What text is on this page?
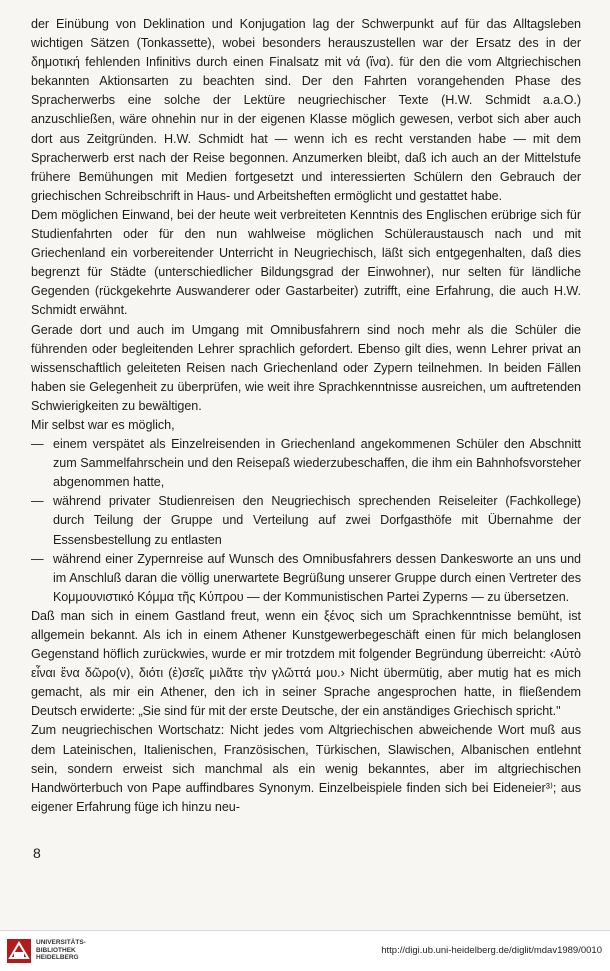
der Einübung von Deklination und Konjugation lag der Schwerpunkt auf für das Alltagsleben wichtigen Sätzen (Tonkassette), wobei besonders herauszustellen war der Ersatz des in der δημοτική fehlenden Infinitivs durch einen Finalsatz mit νά (ἵνα). für den die vom Altgriechischen bekannten Aktionsarten zu beachten sind. Der den Fahrten vorangehenden Phase des Spracherwerbs eine solche der Lektüre neugriechischer Texte (H.W. Schmidt a.a.O.) anzuschließen, wäre ohnehin nur in der eigenen Klasse möglich gewesen, verbot sich aber auch dort aus Zeitgründen. H.W. Schmidt hat — wenn ich es recht verstanden habe — mit dem Spracherwerb erst nach der Reise begonnen. Anzumerken bleibt, daß ich auch an der Mittelstufe frühere Bemühungen mit Medien fortgesetzt und interessierten Schülern den Gebrauch der griechischen Schreibschrift in Haus- und Arbeitsheften ermöglicht und gestattet habe.

Dem möglichen Einwand, bei der heute weit verbreiteten Kenntnis des Englischen erübrige sich für Studienfahrten oder für den nun wahlweise möglichen Schüleraustausch nach und mit Griechenland ein vorbereitender Unterricht in Neugriechisch, läßt sich entgegenhalten, daß dies begrenzt für Städte (unterschiedlicher Bildungsgrad der Einwohner), nur selten für ländliche Gegenden (rückgekehrte Auswanderer oder Gastarbeiter) zutrifft, eine Erfahrung, die auch H.W. Schmidt erwähnt.

Gerade dort und auch im Umgang mit Omnibusfahrern sind noch mehr als die Schüler die führenden oder begleitenden Lehrer sprachlich gefordert. Ebenso gilt dies, wenn Lehrer privat an wissenschaftlich geleiteten Reisen nach Griechenland oder Zypern teilnehmen. In beiden Fällen haben sie Gelegenheit zu überprüfen, wie weit ihre Sprachkenntnisse ausreichen, um auftretenden Schwierigkeiten zu bewältigen.

Mir selbst war es möglich,

— einem verspätet als Einzelreisenden in Griechenland angekommenen Schüler den Abschnitt zum Sammelfahrschein und den Reisepaß wiederzubeschaffen, die ihm ein Bahnhofsvorsteher abgenommen hatte,
— während privater Studienreisen den Neugriechisch sprechenden Reiseleiter (Fachkollege) durch Teilung der Gruppe und Verteilung auf zwei Dorfgasthöfe mit Übernahme der Essensbestellung zu entlasten
— während einer Zypernreise auf Wunsch des Omnibusfahrers dessen Dankesworte an uns und im Anschluß daran die völlig unerwartete Begrüßung unserer Gruppe durch einen Vertreter des Κομμουνιστικό Κόμμα τῆς Κύπρου — der Kommunistischen Partei Zyperns — zu übersetzen.

Daß man sich in einem Gastland freut, wenn ein ξένος sich um Sprachkenntnisse bemüht, ist allgemein bekannt. Als ich in einem Athener Kunstgewerbegeschäft einen für mich belanglosen Gegenstand höflich zurückwies, wurde er mir trotzdem mit folgender Begründung überreicht: ‹Αὐτὸ εἶναι ἕνα δῶρο(ν), διότι (ἐ)σεῖς μιλᾶτε τὴν γλῶττά μου.› Nicht übermütig, aber mutig hat es mich gemacht, als mir ein Athener, den ich in seiner Sprache angesprochen hatte, in fließendem Deutsch erwiderte: „Sie sind für mit der erste Deutsche, der ein anständiges Griechisch spricht."

Zum neugriechischen Wortschatz: Nicht jedes vom Altgriechischen abweichende Wort muß aus dem Lateinischen, Italienischen, Französischen, Türkischen, Slawischen, Albanischen entlehnt sein, sondern erweist sich manchmal als ein wenig bekanntes, aber im altgriechischen Handwörterbuch von Pape auffindbares Synonym. Einzelbeispiele finden sich bei Eideneier³⁾; aus eigener Erfahrung füge ich hinzu neu-

8
UNIVERSITÄTS-
BIBLIOTHEK
HEIDELBERG
http://digi.ub.uni-heidelberg.de/diglit/mdav1989/0010
